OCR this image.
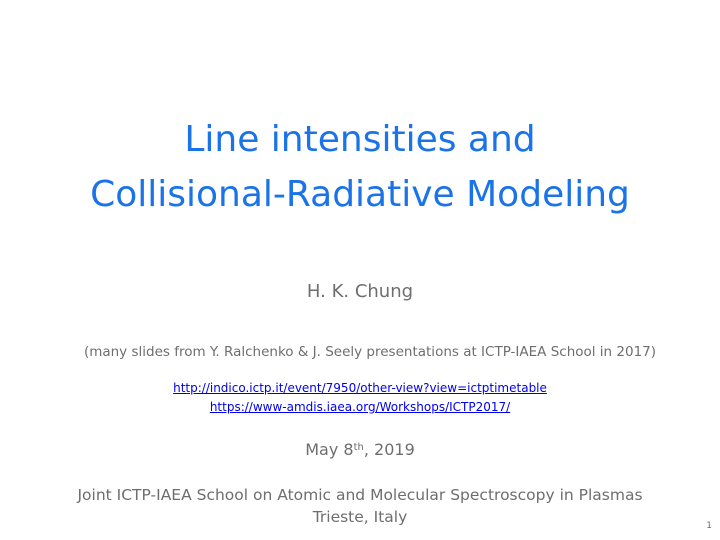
Line intensities and
Collisional-Radiative Modeling
H. K. Chung
(many slides from Y. Ralchenko & J. Seely presentations at ICTP-IAEA School in 2017)
http://indico.ictp.it/event/7950/other-view?view=ictptimetable
https://www-amdis.iaea.org/Workshops/ICTP2017/
May 8th, 2019
Joint ICTP-IAEA School on Atomic and Molecular Spectroscopy in Plasmas
Trieste, Italy	1
